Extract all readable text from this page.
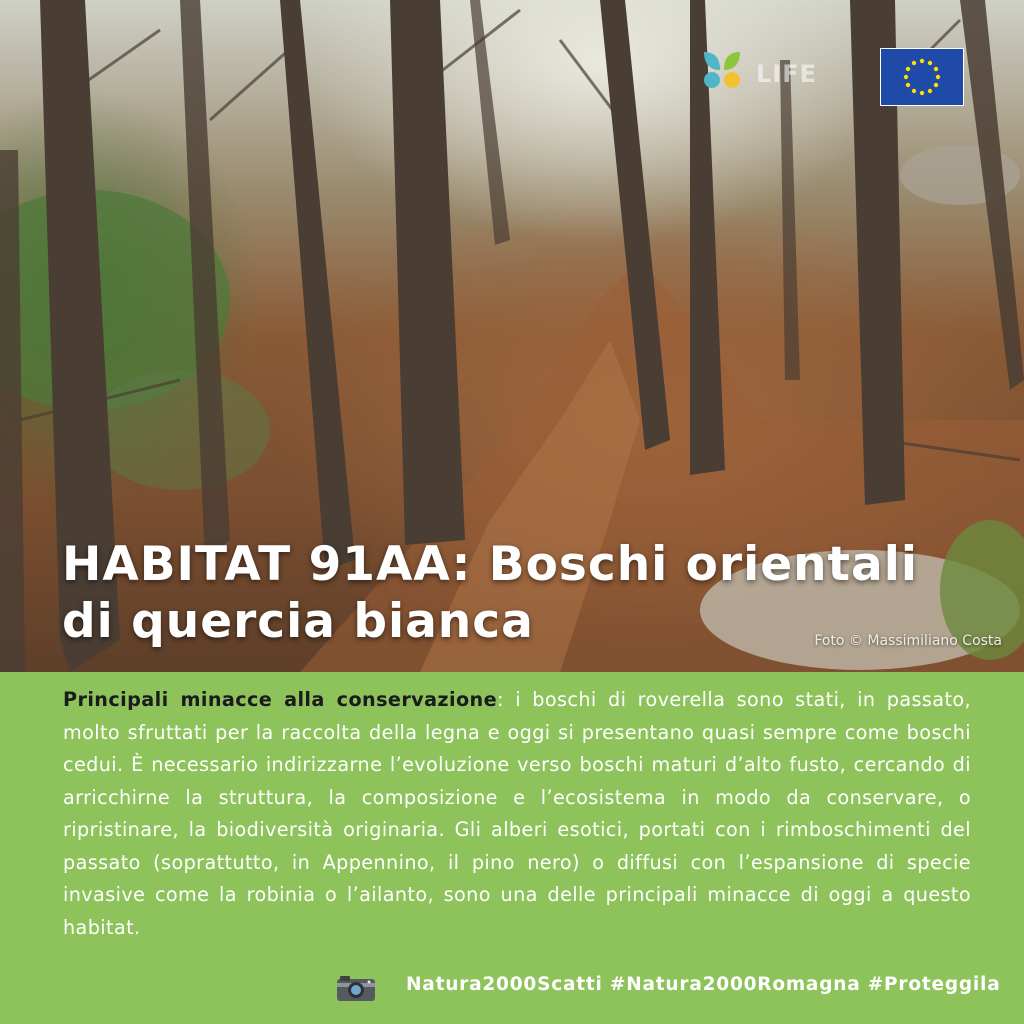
LIFE
HABITAT 91AA: Boschi orientali
di quercia bianca	Foto © Massimiliano Costa

Principali minacce alla conservazione: i boschi di roverella sono stati, in passato, molto sfruttati per la raccolta della legna e oggi si presentano quasi sempre come boschi cedui. È necessario indirizzarne l’evoluzione verso boschi maturi d’alto fusto, cercando di arricchirne la struttura, la composizione e l’ecosistema in modo da conservare, o ripristinare, la biodiversità originaria. Gli alberi esotici, portati con i rimboschimenti del passato (soprattutto, in Appennino, il pino nero) o diffusi con l’espansione di specie invasive come la robinia o l’ailanto, sono una delle principali minacce di oggi a questo habitat.

Natura2000Scatti #Natura2000Romagna #Proteggila
